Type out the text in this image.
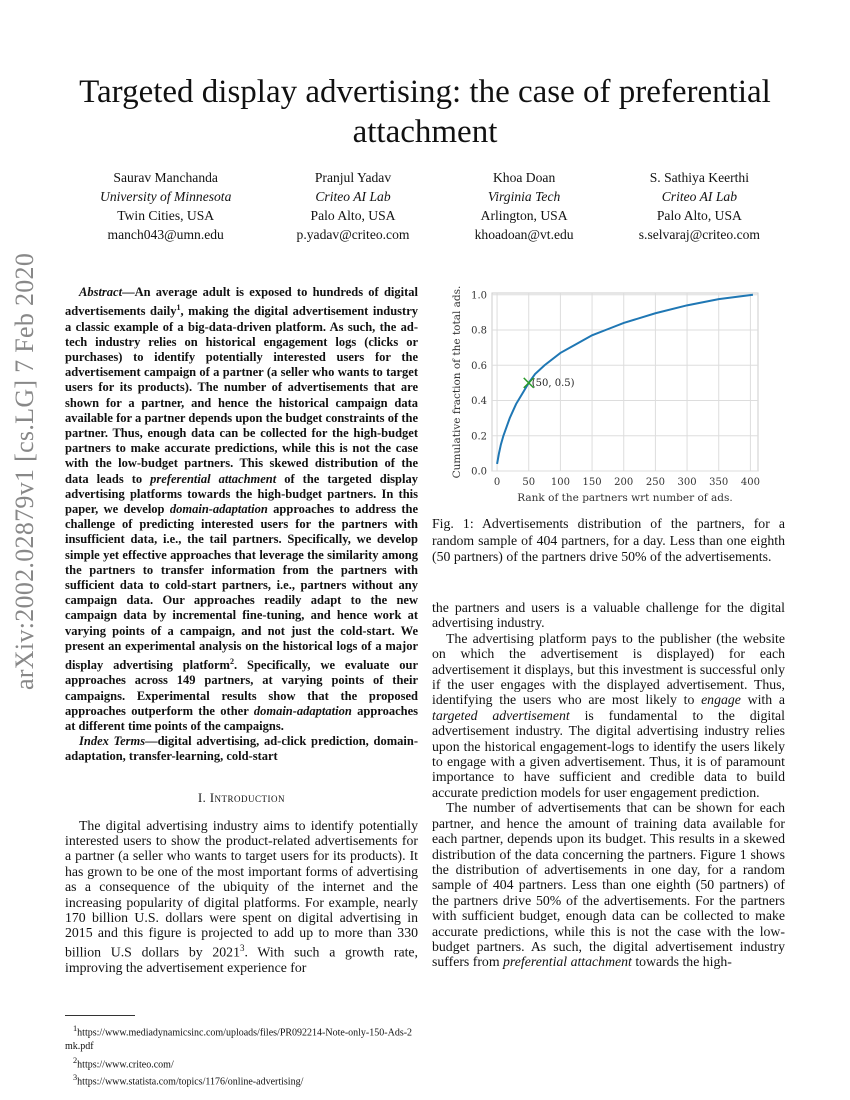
Targeted display advertising: the case of preferential attachment
Saurav Manchanda
University of Minnesota
Twin Cities, USA
manch043@umn.edu
Pranjul Yadav
Criteo AI Lab
Palo Alto, USA
p.yadav@criteo.com
Khoa Doan
Virginia Tech
Arlington, USA
khoadoan@vt.edu
S. Sathiya Keerthi
Criteo AI Lab
Palo Alto, USA
s.selvaraj@criteo.com
arXiv:2002.02879v1 [cs.LG] 7 Feb 2020	Abstract—An average adult is exposed to hundreds of digital advertisements daily$^1$, making the digital advertisement industry a classic example of a big-data-driven platform. As such, the ad-tech industry relies on historical engagement logs (clicks or purchases) to identify potentially interested users for the advertisement campaign of a partner (a seller who wants to target users for its products). The number of advertisements that are shown for a partner, and hence the historical campaign data available for a partner depends upon the budget constraints of the partner. Thus, enough data can be collected for the high-budget partners to make accurate predictions, while this is not the case with the low-budget partners. This skewed distribution of the data leads to preferential attachment of the targeted display advertising platforms towards the high-budget partners. In this paper, we develop domain-adaptation approaches to address the challenge of predicting interested users for the partners with insufficient data, i.e., the tail partners. Specifically, we develop simple yet effective approaches that leverage the similarity among the partners to transfer information from the partners with sufficient data to cold-start partners, i.e., partners without any campaign data. Our approaches readily adapt to the new campaign data by incremental fine-tuning, and hence work at varying points of a campaign, and not just the cold-start. We present an experimental analysis on the historical logs of a major display advertising platform$^2$. Specifically, we evaluate our approaches across 149 partners, at varying points of their campaigns. Experimental results show that the proposed approaches outperform the other domain-adaptation approaches at different time points of the campaigns.

Index Terms—digital advertising, ad-click prediction, domain-adaptation, transfer-learning, cold-start

I. Introduction

The digital advertising industry aims to identify potentially interested users to show the product-related advertisements for a partner (a seller who wants to target users for its products). It has grown to be one of the most important forms of advertising as a consequence of the ubiquity of the internet and the increasing popularity of digital platforms. For example, nearly 170 billion U.S. dollars were spent on digital advertising in 2015 and this figure is projected to add up to more than 330 billion U.S dollars by 2021$^3$. With such a growth rate, improving the advertisement experience for

$^1$https://www.mediadynamicsinc.com/uploads/files/PR092214-Note-only-150-Ads-2mk.pdf
$^2$https://www.criteo.com/
$^3$https://www.statista.com/topics/1176/online-advertising/
0 50 100 150 200 250 300 350 400
0.0
0.2
0.4
0.6
0.8
1.0
(50, 0.5)
Rank of the partners wrt number of ads.
Cumulative fraction of the total ads.
Fig. 1: Advertisements distribution of the partners, for a random sample of 404 partners, for a day. Less than one eighth (50 partners) of the partners drive 50% of the advertisements.

the partners and users is a valuable challenge for the digital advertising industry.

The advertising platform pays to the publisher (the website on which the advertisement is displayed) for each advertisement it displays, but this investment is successful only if the user engages with the displayed advertisement. Thus, identifying the users who are most likely to engage with a targeted advertisement is fundamental to the digital advertisement industry. The digital advertising industry relies upon the historical engagement-logs to identify the users likely to engage with a given advertisement. Thus, it is of paramount importance to have sufficient and credible data to build accurate prediction models for user engagement prediction.

The number of advertisements that can be shown for each partner, and hence the amount of training data available for each partner, depends upon its budget. This results in a skewed distribution of the data concerning the partners. Figure 1 shows the distribution of advertisements in one day, for a random sample of 404 partners. Less than one eighth (50 partners) of the partners drive 50% of the advertisements. For the partners with sufficient budget, enough data can be collected to make accurate predictions, while this is not the case with the low-budget partners. As such, the digital advertisement industry suffers from preferential attachment towards the high-
